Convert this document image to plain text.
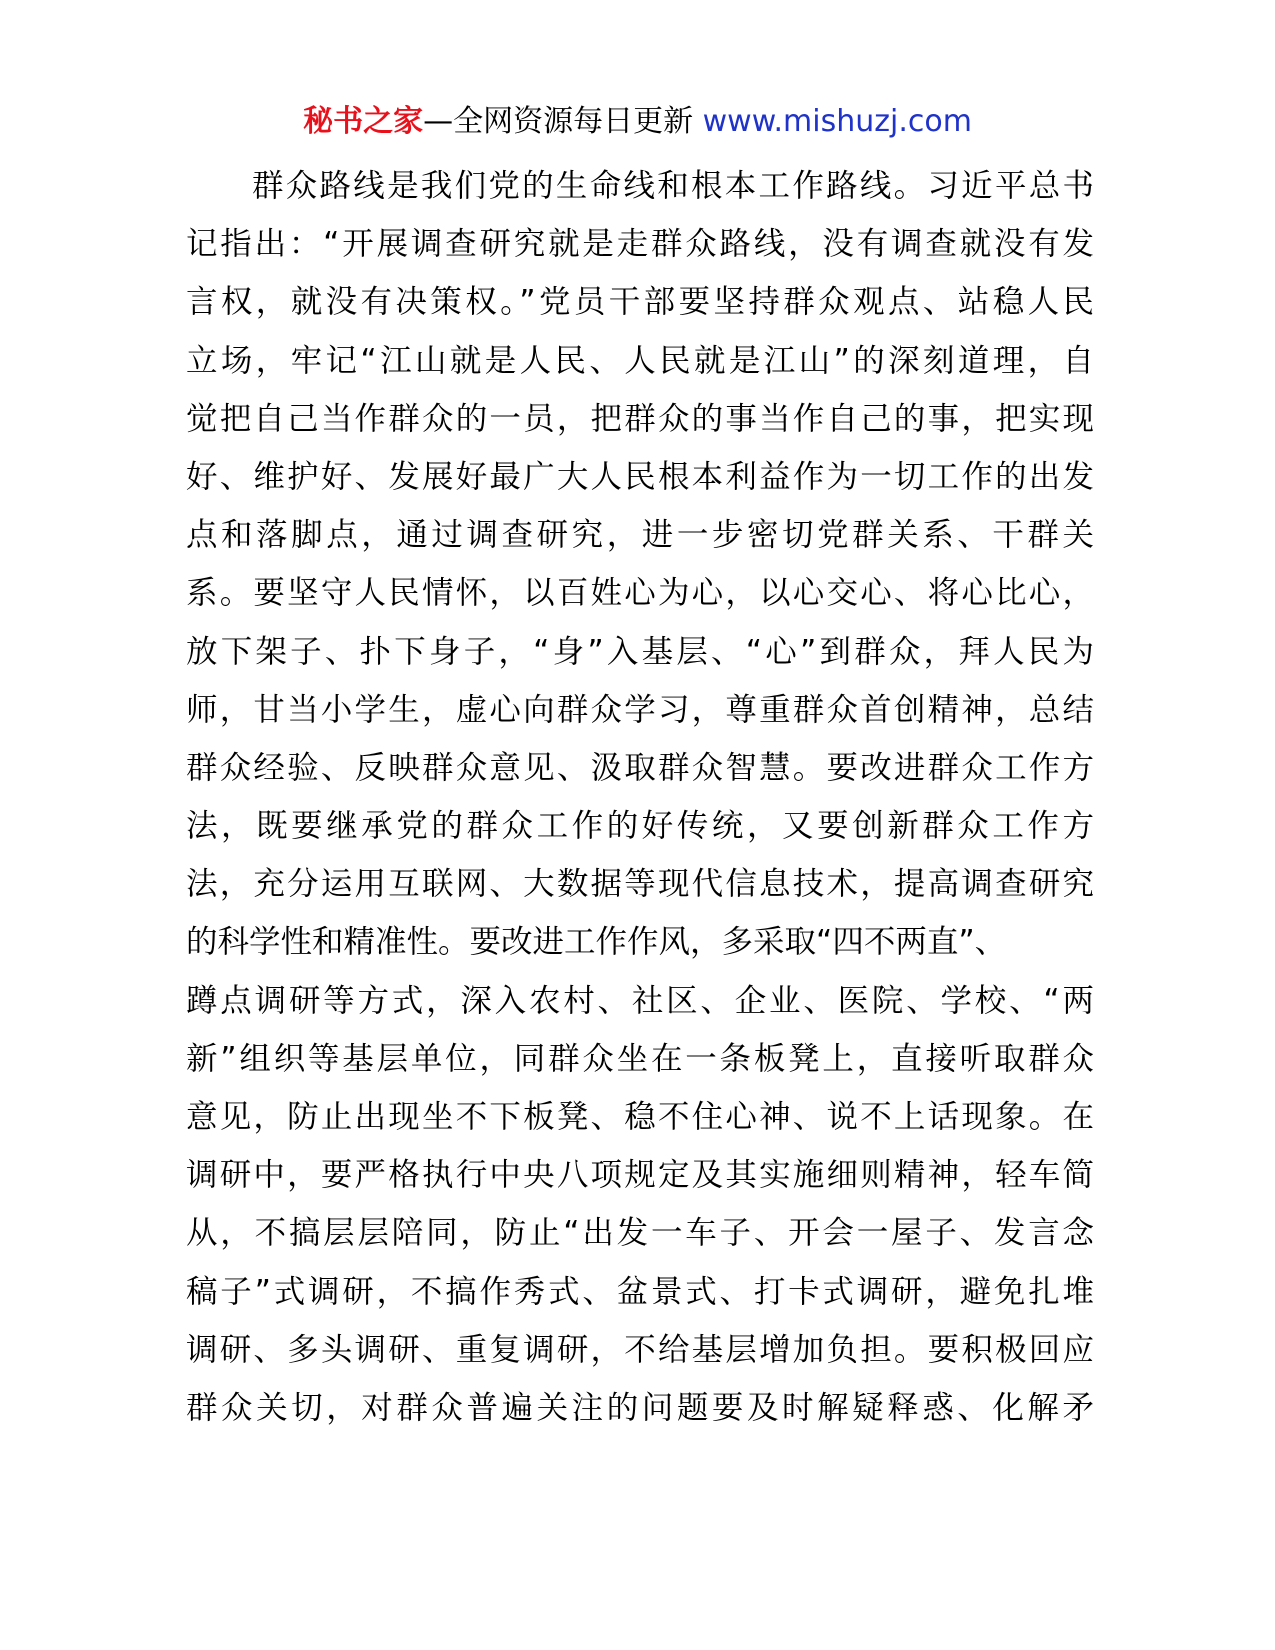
秘书之家—全网资源每日更新 www.mishuzj.com
群众路线是我们党的生命线和根本工作路线。习近平总书
记指出：“开展调查研究就是走群众路线，没有调查就没有发
言权，就没有决策权。”党员干部要坚持群众观点、站稳人民
立场，牢记“江山就是人民、人民就是江山”的深刻道理，自
觉把自己当作群众的一员，把群众的事当作自己的事，把实现
好、维护好、发展好最广大人民根本利益作为一切工作的出发
点和落脚点，通过调查研究，进一步密切党群关系、干群关
系。要坚守人民情怀，以百姓心为心，以心交心、将心比心，
放下架子、扑下身子，“身”入基层、“心”到群众，拜人民为
师，甘当小学生，虚心向群众学习，尊重群众首创精神，总结
群众经验、反映群众意见、汲取群众智慧。要改进群众工作方
法，既要继承党的群众工作的好传统，又要创新群众工作方
法，充分运用互联网、大数据等现代信息技术，提高调查研究
的科学性和精准性。要改进工作作风，多采取“四不两直”、
蹲点调研等方式，深入农村、社区、企业、医院、学校、“两
新”组织等基层单位，同群众坐在一条板凳上，直接听取群众
意见，防止出现坐不下板凳、稳不住心神、说不上话现象。在
调研中，要严格执行中央八项规定及其实施细则精神，轻车简
从，不搞层层陪同，防止“出发一车子、开会一屋子、发言念
稿子”式调研，不搞作秀式、盆景式、打卡式调研，避免扎堆
调研、多头调研、重复调研，不给基层增加负担。要积极回应
群众关切，对群众普遍关注的问题要及时解疑释惑、化解矛
